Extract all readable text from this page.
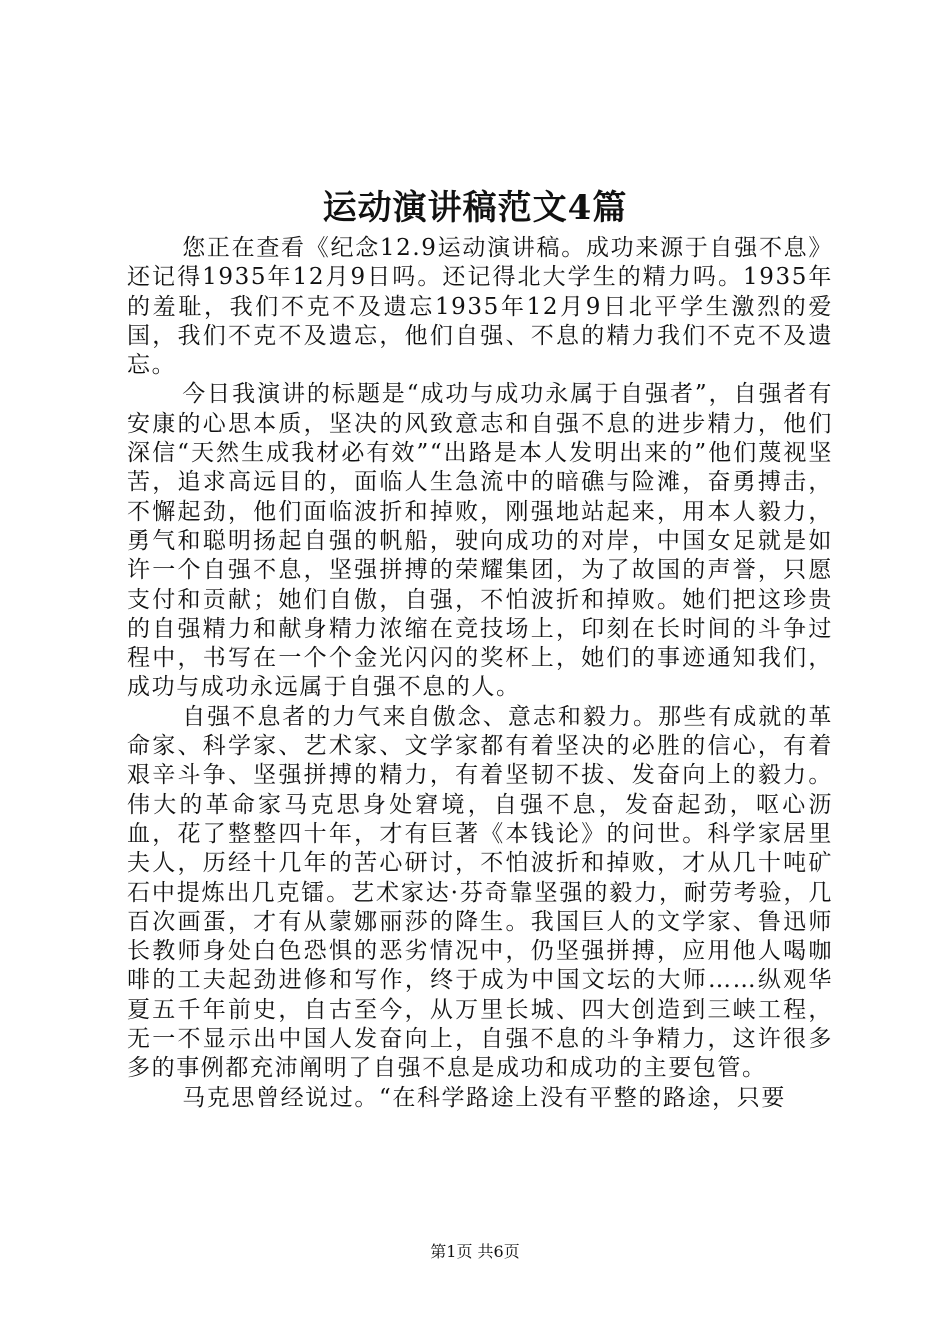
运动演讲稿范文4篇

您正在查看《纪念12.9运动演讲稿。成功来源于自强不息》还记得1935年12月9日吗。还记得北大学生的精力吗。1935年的羞耻，我们不克不及遗忘1935年12月9日北平学生激烈的爱国，我们不克不及遗忘，他们自强、不息的精力我们不克不及遗忘。

今日我演讲的标题是“成功与成功永属于自强者”，自强者有安康的心思本质，坚决的风致意志和自强不息的进步精力，他们深信“天然生成我材必有效”“出路是本人发明出来的”他们蔑视坚苦，追求高远目的，面临人生急流中的暗礁与险滩，奋勇搏击，不懈起劲，他们面临波折和掉败，刚强地站起来，用本人毅力，勇气和聪明扬起自强的帆船，驶向成功的对岸，中国女足就是如许一个自强不息，坚强拼搏的荣耀集团，为了故国的声誉，只愿支付和贡献；她们自傲，自强，不怕波折和掉败。她们把这珍贵的自强精力和献身精力浓缩在竞技场上，印刻在长时间的斗争过程中，书写在一个个金光闪闪的奖杯上，她们的事迹通知我们，成功与成功永远属于自强不息的人。

自强不息者的力气来自傲念、意志和毅力。那些有成就的革命家、科学家、艺术家、文学家都有着坚决的必胜的信心，有着艰辛斗争、坚强拼搏的精力，有着坚韧不拔、发奋向上的毅力。伟大的革命家马克思身处窘境，自强不息，发奋起劲，呕心沥血，花了整整四十年，才有巨著《本钱论》的问世。科学家居里夫人，历经十几年的苦心研讨，不怕波折和掉败，才从几十吨矿石中提炼出几克镭。艺术家达·芬奇靠坚强的毅力，耐劳考验，几百次画蛋，才有从蒙娜丽莎的降生。我国巨人的文学家、鲁迅师长教师身处白色恐惧的恶劣情况中，仍坚强拼搏，应用他人喝咖啡的工夫起劲进修和写作，终于成为中国文坛的大师……纵观华夏五千年前史，自古至今，从万里长城、四大创造到三峡工程，无一不显示出中国人发奋向上，自强不息的斗争精力，这许很多多的事例都充沛阐明了自强不息是成功和成功的主要包管。

马克思曾经说过。“在科学路途上没有平整的路途，只要

第1页 共6页
